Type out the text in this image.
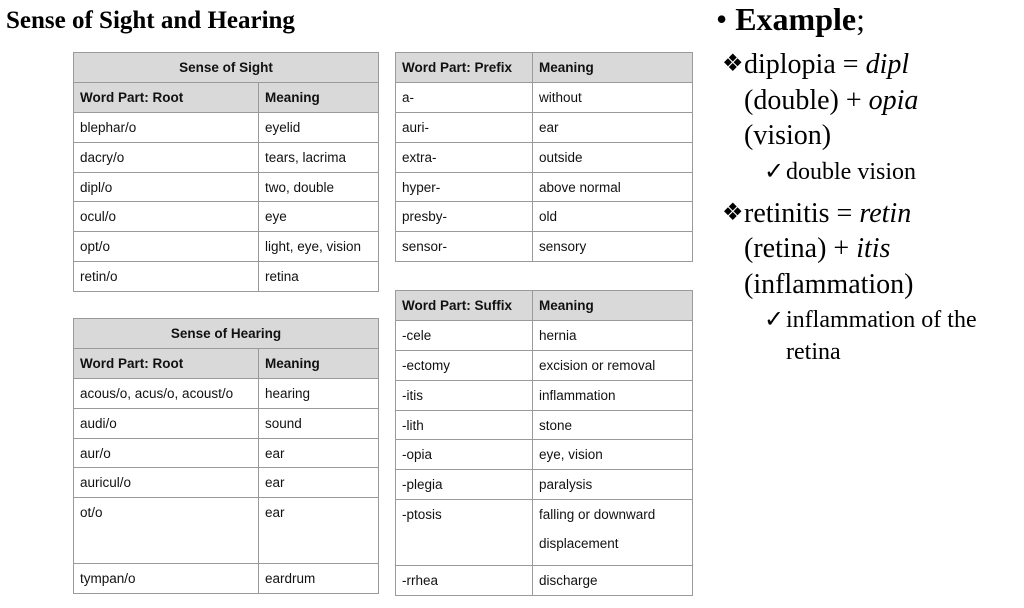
Sense of Sight and Hearing
Sense of Sight	
Word Part: Root	Meaning
blephar/o	eyelid
dacry/o	tears, lacrima
dipl/o	two, double
ocul/o	eye
opt/o	light, eye, vision
retin/o	retina
Sense of Hearing	
Word Part: Root	Meaning
acous/o, acus/o, acoust/o	hearing
audi/o	sound
aur/o	ear
auricul/o	ear
ot/o	ear
tympan/o	eardrum
Word Part: Prefix	Meaning
a-	without
auri-	ear
extra-	outside
hyper-	above normal
presby-	old
sensor-	sensory
Word Part: Suffix	Meaning
-cele	hernia
-ectomy	excision or removal
-itis	inflammation
-lith	stone
-opia	eye, vision
-plegia	paralysis
-ptosis	falling or downward displacement
-rrhea	discharge
• Example;
❖ diplopia = dipl
(double) + opia
(vision)
✓ double vision
❖ retinitis = retin
(retina) + itis
(inflammation)
✓ inflammation of the retina
